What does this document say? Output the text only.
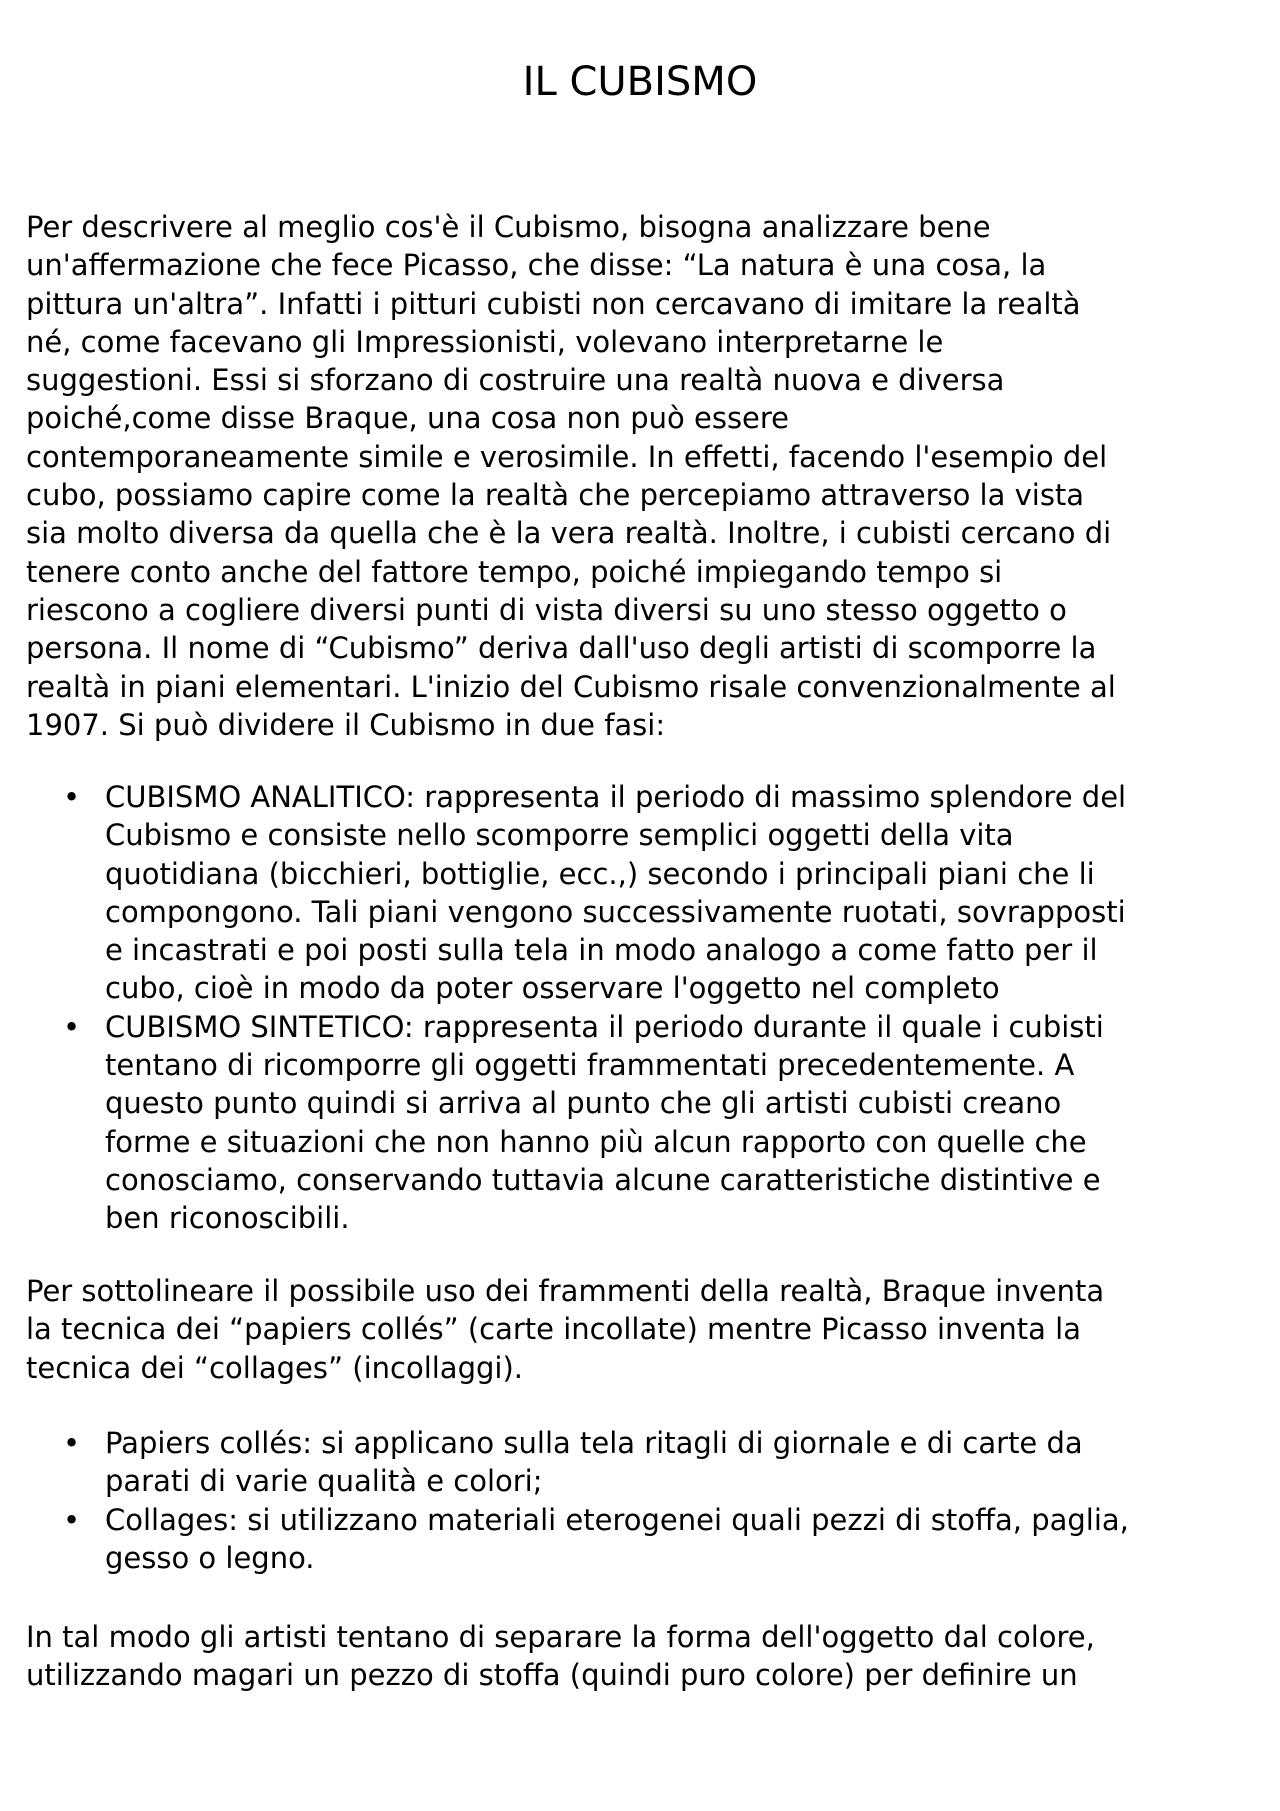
IL CUBISMO

Per descrivere al meglio cos'è il Cubismo, bisogna analizzare bene
un'affermazione che fece Picasso, che disse: “La natura è una cosa, la
pittura un'altra”. Infatti i pitturi cubisti non cercavano di imitare la realtà
né, come facevano gli Impressionisti, volevano interpretarne le
suggestioni. Essi si sforzano di costruire una realtà nuova e diversa
poiché,come disse Braque, una cosa non può essere
contemporaneamente simile e verosimile. In effetti, facendo l'esempio del
cubo, possiamo capire come la realtà che percepiamo attraverso la vista
sia molto diversa da quella che è la vera realtà. Inoltre, i cubisti cercano di
tenere conto anche del fattore tempo, poiché impiegando tempo si
riescono a cogliere diversi punti di vista diversi su uno stesso oggetto o
persona. Il nome di “Cubismo” deriva dall'uso degli artisti di scomporre la
realtà in piani elementari. L'inizio del Cubismo risale convenzionalmente al
1907. Si può dividere il Cubismo in due fasi:

• CUBISMO ANALITICO: rappresenta il periodo di massimo splendore del
Cubismo e consiste nello scomporre semplici oggetti della vita
quotidiana (bicchieri, bottiglie, ecc.,) secondo i principali piani che li
compongono. Tali piani vengono successivamente ruotati, sovrapposti
e incastrati e poi posti sulla tela in modo analogo a come fatto per il
cubo, cioè in modo da poter osservare l'oggetto nel completo
• CUBISMO SINTETICO: rappresenta il periodo durante il quale i cubisti
tentano di ricomporre gli oggetti frammentati precedentemente. A
questo punto quindi si arriva al punto che gli artisti cubisti creano
forme e situazioni che non hanno più alcun rapporto con quelle che
conosciamo, conservando tuttavia alcune caratteristiche distintive e
ben riconoscibili.

Per sottolineare il possibile uso dei frammenti della realtà, Braque inventa
la tecnica dei “papiers collés” (carte incollate) mentre Picasso inventa la
tecnica dei “collages” (incollaggi).

• Papiers collés: si applicano sulla tela ritagli di giornale e di carte da
parati di varie qualità e colori;
• Collages: si utilizzano materiali eterogenei quali pezzi di stoffa, paglia,
gesso o legno.

In tal modo gli artisti tentano di separare la forma dell'oggetto dal colore,
utilizzando magari un pezzo di stoffa (quindi puro colore) per definire un
